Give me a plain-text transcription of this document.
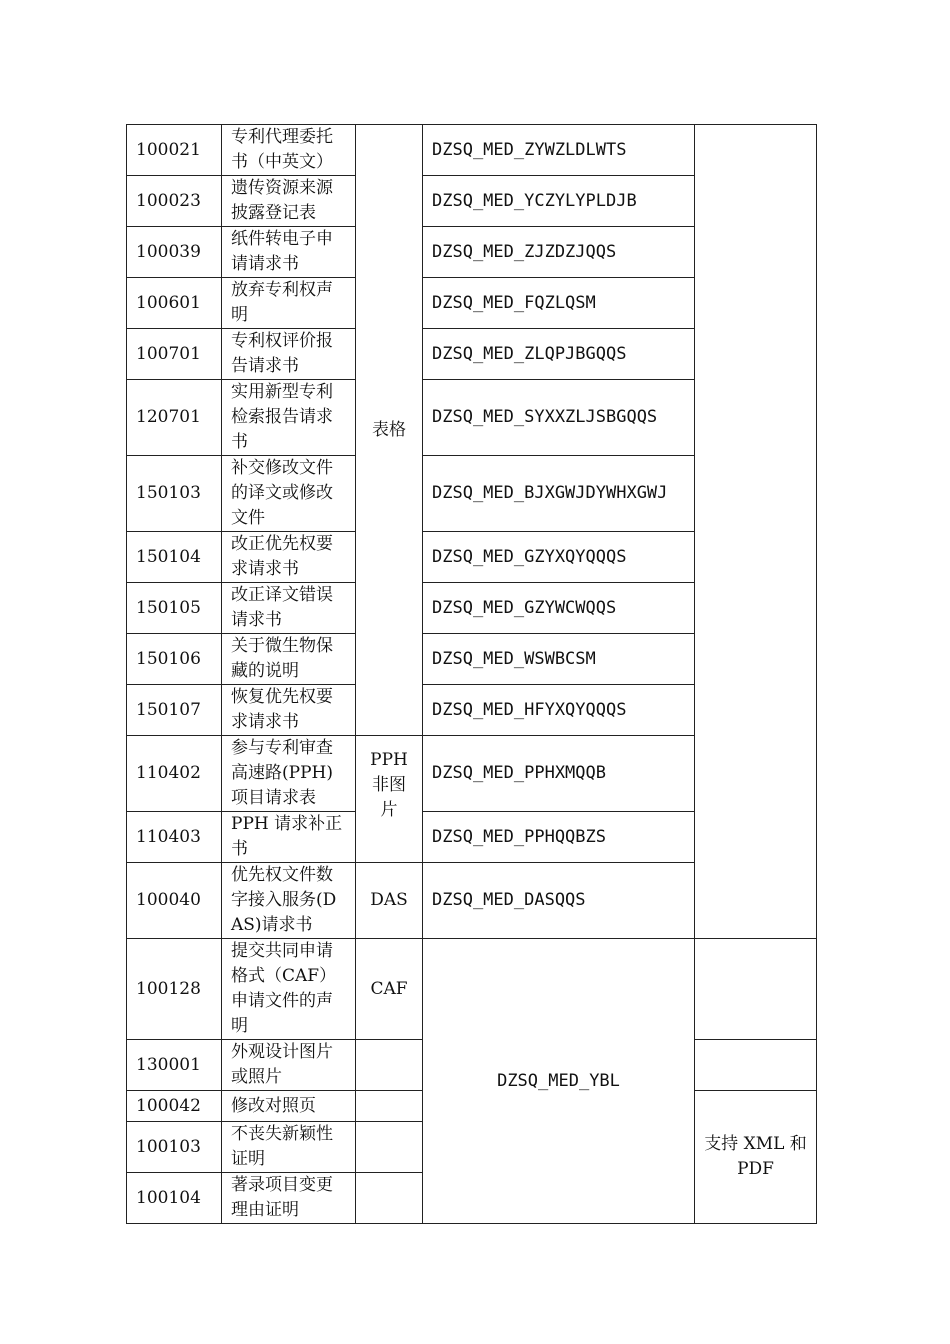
100021	专利代理委托书（中英文）	表格	DZSQ_MED_ZYWZLDLWTS	
100023	遗传资源来源披露登记表		DZSQ_MED_YCZYLYPLDJB	
100039	纸件转电子申请请求书		DZSQ_MED_ZJZDZJQQS	
100601	放弃专利权声明		DZSQ_MED_FQZLQSM	
100701	专利权评价报告请求书		DZSQ_MED_ZLQPJBGQQS	
120701	实用新型专利检索报告请求书		DZSQ_MED_SYXXZLJSBGQQS	
150103	补交修改文件的译文或修改文件		DZSQ_MED_BJXGWJDYWHXGWJ	
150104	改正优先权要求请求书		DZSQ_MED_GZYXQYQQQS	
150105	改正译文错误请求书		DZSQ_MED_GZYWCWQQS	
150106	关于微生物保藏的说明		DZSQ_MED_WSWBCSM	
150107	恢复优先权要求请求书		DZSQ_MED_HFYXQYQQQS	
110402	参与专利审查高速路(PPH)项目请求表	PPH 非图片	DZSQ_MED_PPHXMQQB	
110403	PPH 请求补正书		DZSQ_MED_PPHQQBZS	
100040	优先权文件数字接入服务(DAS)请求书	DAS	DZSQ_MED_DASQQS	
100128	提交共同申请格式（CAF）申请文件的声明	CAF	DZSQ_MED_YBL	
130001	外观设计图片或照片			
100042	修改对照页			支持 XML 和 PDF
100103	不丧失新颖性证明			
100104	著录项目变更理由证明			
